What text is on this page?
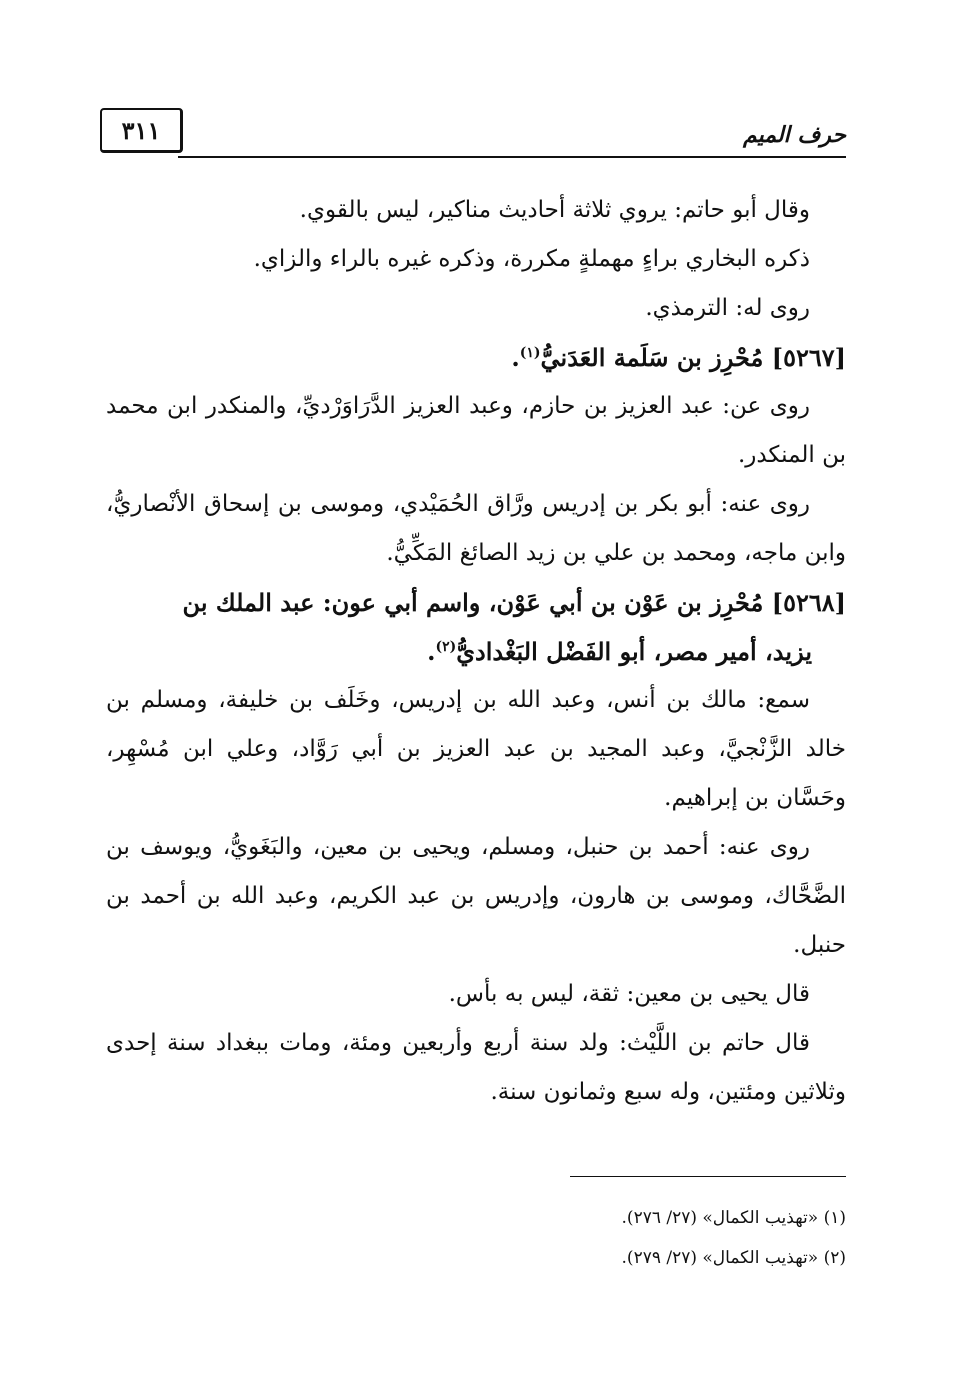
٣١١	حرف الميم

وقال أبو حاتم: يروي ثلاثة أحاديث مناكير، ليس بالقوي.

ذكره البخاري براءٍ مهملةٍ مكررة، وذكره غيره بالراء والزاي.

روى له: الترمذي.

[٥٢٦٧] مُحْرِز بن سَلَمة العَدَنيُّ$^{(١)}$.

روى عن: عبد العزيز بن حازم، وعبد العزيز الدَّرَاوَرْديِّ، والمنكدر ابن محمد بن المنكدر.

روى عنه: أبو بكر بن إدريس ورَّاق الحُمَيْدي، وموسى بن إسحاق الأنْصاريُّ، وابن ماجه، ومحمد بن علي بن زيد الصائغ المَكِّيُّ.

[٥٢٦٨] مُحْرِز بن عَوْن بن أبي عَوْن، واسم أبي عون: عبد الملك بن
يزيد، أمير مصر، أبو الفَضْل البَغْداديُّ$^{(٢)}$.

سمع: مالك بن أنس، وعبد الله بن إدريس، وخَلَف بن خليفة، ومسلم بن خالد الزَّنْجيَّ، وعبد المجيد بن عبد العزيز بن أبي رَوَّاد، وعلي ابن مُسْهِر، وحَسَّان بن إبراهيم.

روى عنه: أحمد بن حنبل، ومسلم، ويحيى بن معين، والبَغَويُّ، ويوسف بن الضَّحَّاك، وموسى بن هارون، وإدريس بن عبد الكريم، وعبد الله بن أحمد بن حنبل.

قال يحيى بن معين: ثقة، ليس به بأس.

قال حاتم بن اللَّيْث: ولد سنة أربع وأربعين ومئة، ومات ببغداد سنة إحدى وثلاثين ومئتين، وله سبع وثمانون سنة.

(١) «تهذيب الكمال» (٢٧/ ٢٧٦).

(٢) «تهذيب الكمال» (٢٧/ ٢٧٩).
